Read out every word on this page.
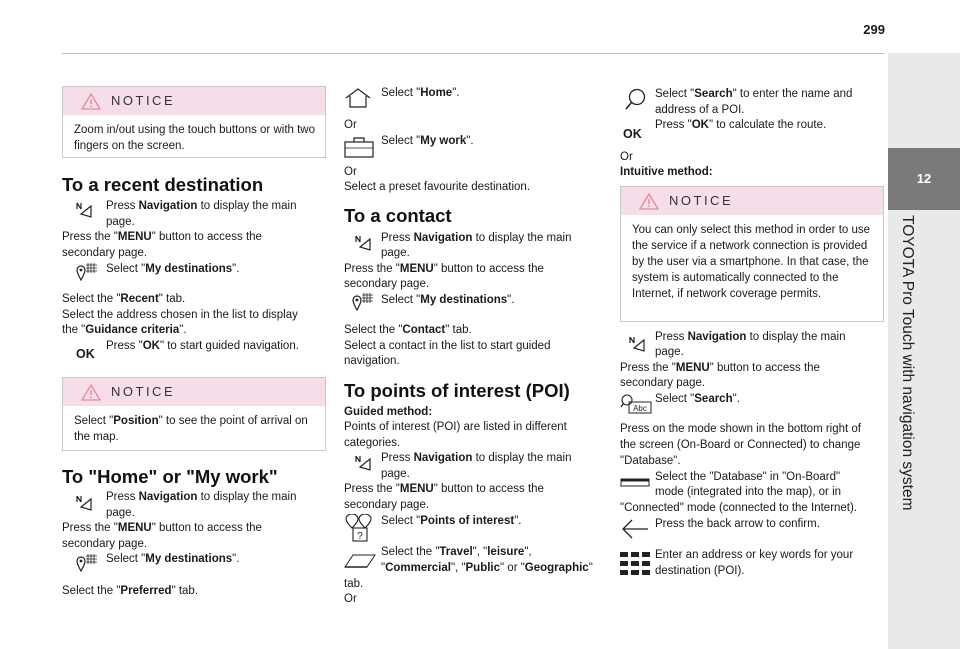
299
12
TOYOTA Pro Touch with navigation system
NOTICE
Zoom in/out using the touch buttons or with two fingers on the screen.
To a recent destination
Press Navigation to display the main
page.
Press the "MENU" button to access the
secondary page.
Select "My destinations".
Select the "Recent" tab.
Select the address chosen in the list to display
the "Guidance criteria".
OK
Press "OK" to start guided navigation.
NOTICE
Select "Position" to see the point of arrival on the map.
To "Home" or "My work"
Press Navigation to display the main
page.
Press the "MENU" button to access the
secondary page.
Select "My destinations".
Select the "Preferred" tab.
Select "Home".
Or
Select "My work".
Or
Select a preset favourite destination.
To a contact
Press Navigation to display the main
page.
Press the "MENU" button to access the
secondary page.
Select "My destinations".
Select the "Contact" tab.
Select a contact in the list to start guided
navigation.
To points of interest (POI)
Guided method:
Points of interest (POI) are listed in different
categories.
Press Navigation to display the main
page.
Press the "MENU" button to access the
secondary page.
?
Select "Points of interest".
Select the "Travel", "leisure",
"Commercial", "Public" or "Geographic"
tab.
Or
OK
Select "Search" to enter the name and
address of a POI.
Press "OK" to calculate the route.
Or
Intuitive method:
NOTICE
You can only select this method in order to use the service if a network connection is provided by the user via a smartphone. In that case, the system is automatically connected to the Internet, if network coverage permits.
Press Navigation to display the main
page.
Press the "MENU" button to access the
secondary page.
Abc
Select "Search".
Press on the mode shown in the bottom right of
the screen (On-Board or Connected) to change
"Database".
Select the "Database" in "On-Board"
mode (integrated into the map), or in
"Connected" mode (connected to the Internet).
Press the back arrow to confirm.
Enter an address or key words for your
destination (POI).
